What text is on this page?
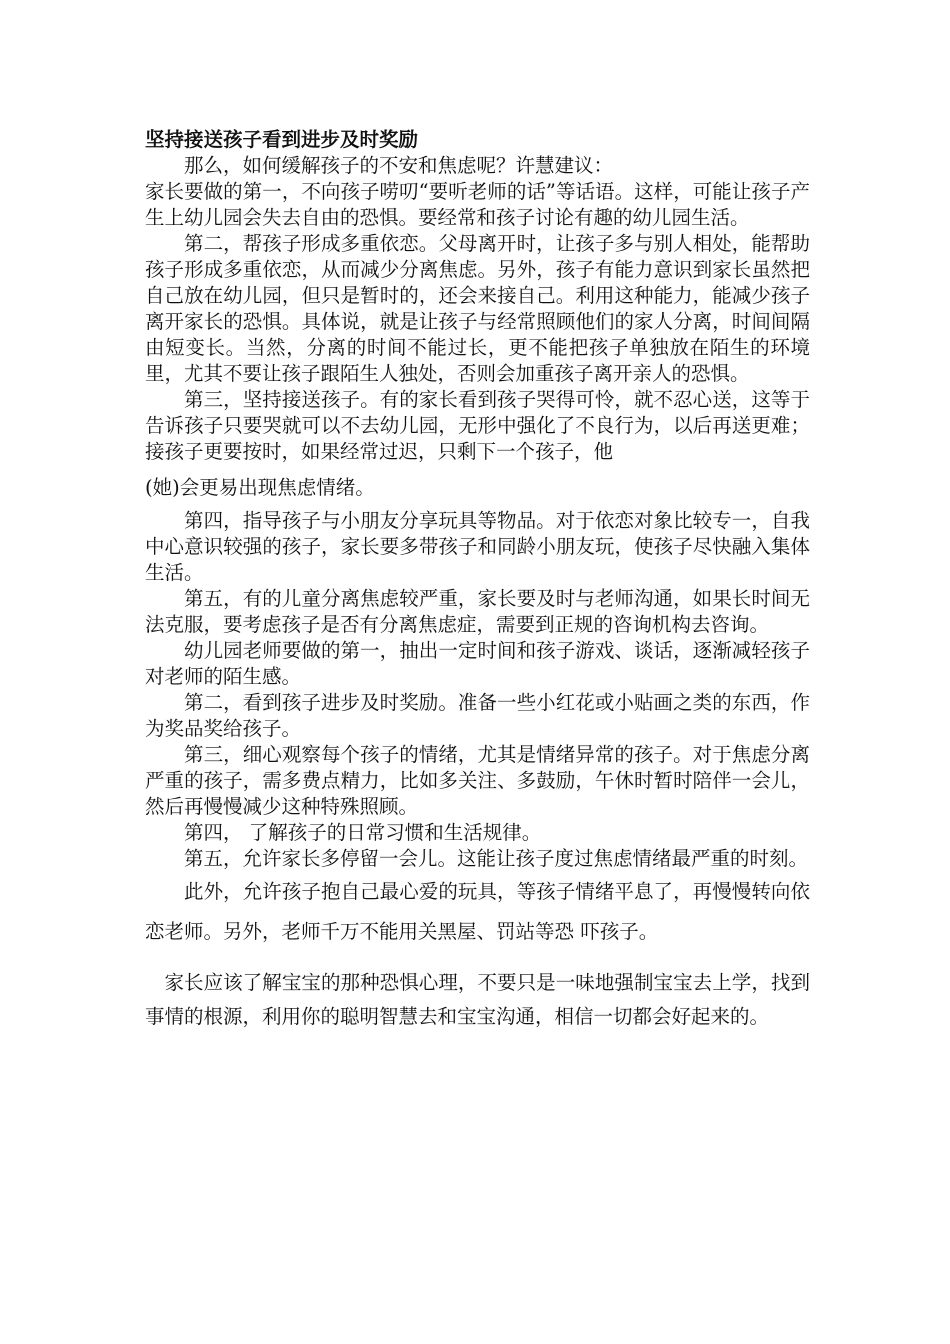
坚持接送孩子看到进步及时奖励

那么，如何缓解孩子的不安和焦虑呢？许慧建议：

家长要做的第一，不向孩子唠叨“要听老师的话”等话语。这样，可能让孩子产生上幼儿园会失去自由的恐惧。要经常和孩子讨论有趣的幼儿园生活。

第二，帮孩子形成多重依恋。父母离开时，让孩子多与别人相处，能帮助孩子形成多重依恋，从而减少分离焦虑。另外，孩子有能力意识到家长虽然把自己放在幼儿园，但只是暂时的，还会来接自己。利用这种能力，能减少孩子离开家长的恐惧。具体说，就是让孩子与经常照顾他们的家人分离，时间间隔由短变长。当然，分离的时间不能过长，更不能把孩子单独放在陌生的环境里，尤其不要让孩子跟陌生人独处，否则会加重孩子离开亲人的恐惧。

第三，坚持接送孩子。有的家长看到孩子哭得可怜，就不忍心送，这等于告诉孩子只要哭就可以不去幼儿园，无形中强化了不良行为，以后再送更难；接孩子更要按时，如果经常过迟，只剩下一个孩子，他

(她)会更易出现焦虑情绪。

第四，指导孩子与小朋友分享玩具等物品。对于依恋对象比较专一，自我中心意识较强的孩子，家长要多带孩子和同龄小朋友玩，使孩子尽快融入集体生活。

第五，有的儿童分离焦虑较严重，家长要及时与老师沟通，如果长时间无法克服，要考虑孩子是否有分离焦虑症，需要到正规的咨询机构去咨询。

幼儿园老师要做的第一，抽出一定时间和孩子游戏、谈话，逐渐减轻孩子对老师的陌生感。

第二，看到孩子进步及时奖励。准备一些小红花或小贴画之类的东西，作为奖品奖给孩子。

第三，细心观察每个孩子的情绪，尤其是情绪异常的孩子。对于焦虑分离严重的孩子，需多费点精力，比如多关注、多鼓励，午休时暂时陪伴一会儿，然后再慢慢减少这种特殊照顾。

第四， 了解孩子的日常习惯和生活规律。

第五，允许家长多停留一会儿。这能让孩子度过焦虑情绪最严重的时刻。

此外，允许孩子抱自己最心爱的玩具，等孩子情绪平息了，再慢慢转向依恋老师。另外，老师千万不能用关黑屋、罚站等恐 吓孩子。

家长应该了解宝宝的那种恐惧心理，不要只是一味地强制宝宝去上学，找到事情的根源，利用你的聪明智慧去和宝宝沟通，相信一切都会好起来的。
